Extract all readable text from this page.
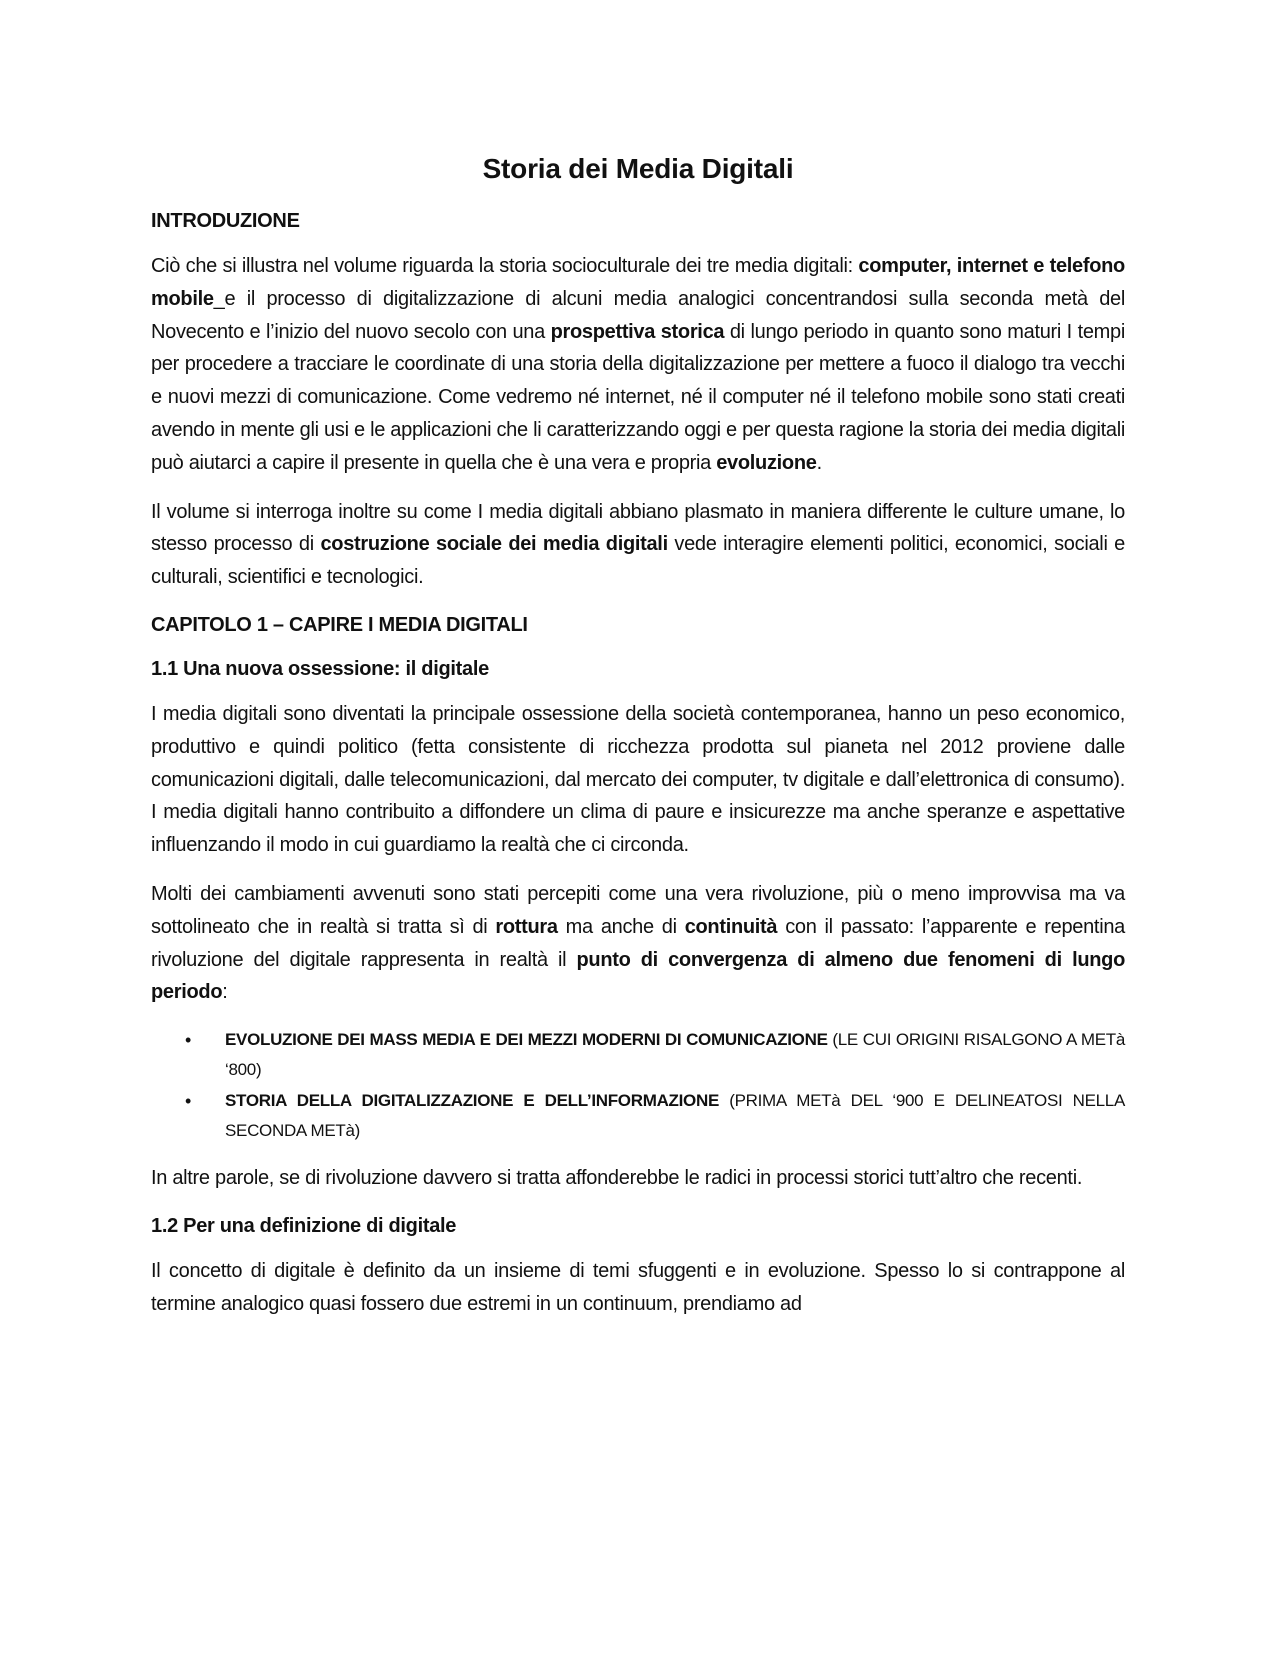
Storia dei Media Digitali
INTRODUZIONE

Ciò che si illustra nel volume riguarda la storia socioculturale dei tre media digitali: computer, internet e telefono mobile_e il processo di digitalizzazione di alcuni media analogici concentrandosi sulla seconda metà del Novecento e l’inizio del nuovo secolo con una prospettiva storica di lungo periodo in quanto sono maturi I tempi per procedere a tracciare le coordinate di una storia della digitalizzazione per mettere a fuoco il dialogo tra vecchi e nuovi mezzi di comunicazione. Come vedremo né internet, né il computer né il telefono mobile sono stati creati avendo in mente gli usi e le applicazioni che li caratterizzando oggi e per questa ragione la storia dei media digitali può aiutarci a capire il presente in quella che è una vera e propria evoluzione.

Il volume si interroga inoltre su come I media digitali abbiano plasmato in maniera differente le culture umane, lo stesso processo di costruzione sociale dei media digitali vede interagire elementi politici, economici, sociali e culturali, scientifici e tecnologici.

CAPITOLO 1 – CAPIRE I MEDIA DIGITALI
1.1 Una nuova ossessione: il digitale

I media digitali sono diventati la principale ossessione della società contemporanea, hanno un peso economico, produttivo e quindi politico (fetta consistente di ricchezza prodotta sul pianeta nel 2012 proviene dalle comunicazioni digitali, dalle telecomunicazioni, dal mercato dei computer, tv digitale e dall’elettronica di consumo). I media digitali hanno contribuito a diffondere un clima di paure e insicurezze ma anche speranze e aspettative influenzando il modo in cui guardiamo la realtà che ci circonda.

Molti dei cambiamenti avvenuti sono stati percepiti come una vera rivoluzione, più o meno improvvisa ma va sottolineato che in realtà si tratta sì di rottura ma anche di continuità con il passato: l’apparente e repentina rivoluzione del digitale rappresenta in realtà il punto di convergenza di almeno due fenomeni di lungo periodo:

• EVOLUZIONE DEI MASS MEDIA E DEI MEZZI MODERNI DI COMUNICAZIONE (LE CUI ORIGINI RISALGONO A METà ‘800)
• STORIA DELLA DIGITALIZZAZIONE E DELL’INFORMAZIONE (PRIMA METà DEL ‘900 E DELINEATOSI NELLA SECONDA METà)

In altre parole, se di rivoluzione davvero si tratta affonderebbe le radici in processi storici tutt’altro che recenti.

1.2 Per una definizione di digitale

Il concetto di digitale è definito da un insieme di temi sfuggenti e in evoluzione. Spesso lo si contrappone al termine analogico quasi fossero due estremi in un continuum, prendiamo ad
